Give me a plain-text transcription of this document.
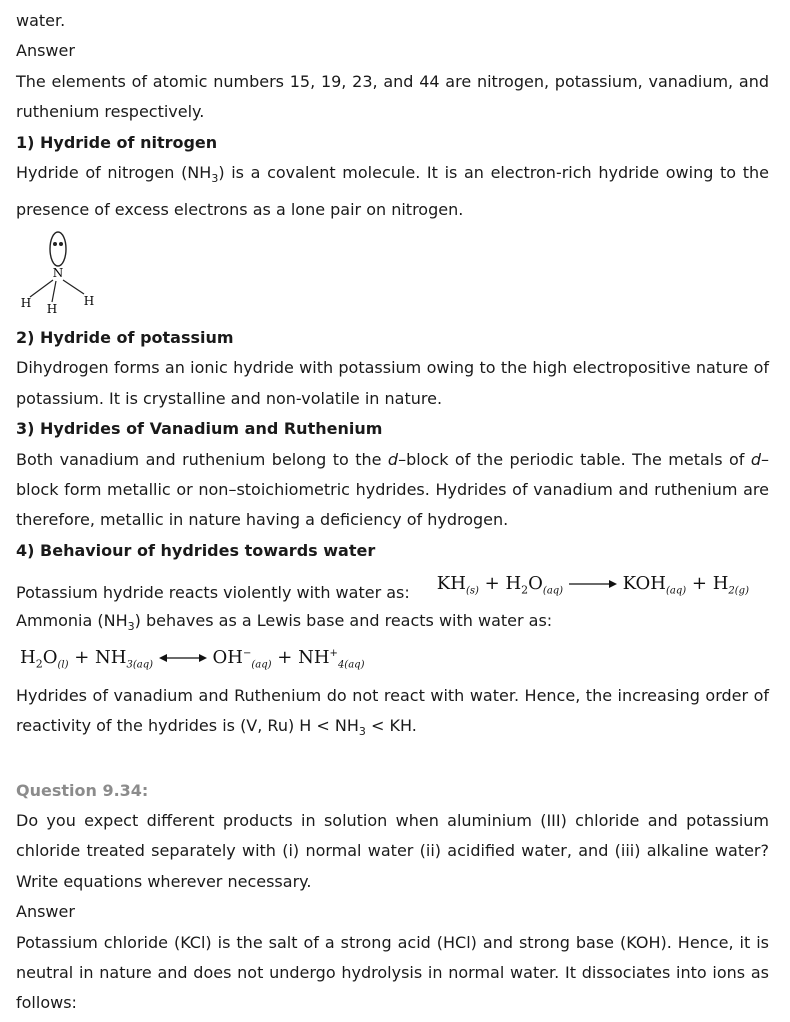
water.
Answer

The elements of atomic numbers 15, 19, 23, and 44 are nitrogen, potassium, vanadium, and ruthenium respectively.

1) Hydride of nitrogen

Hydride of nitrogen $(NH_3)$ is a covalent molecule. It is an electron-rich hydride owing to the presence of excess electrons as a lone pair on nitrogen.

N
H H
H
2) Hydride of potassium

Dihydrogen forms an ionic hydride with potassium owing to the high electropositive nature of potassium. It is crystalline and non-volatile in nature.

3) Hydrides of Vanadium and Ruthenium

Both vanadium and ruthenium belong to the d–block of the periodic table. The metals of d–block form metallic or non–stoichiometric hydrides. Hydrides of vanadium and ruthenium are therefore, metallic in nature having a deficiency of hydrogen.

4) Behaviour of hydrides towards water
Potassium hydride reacts violently with water as: $KH_{(s)} + H_2O_{(aq)}$	$KOH_{(aq)} + H_{2(g)}$

Ammonia $(NH_3)$ behaves as a Lewis base and reacts with water as:

$H_2O_{(l)} + NH_{3(aq)}$	$OH^-_{(aq)} + NH^+_{4(aq)}$

Hydrides of vanadium and Ruthenium do not react with water. Hence, the increasing order of reactivity of the hydrides is (V, Ru) $H < NH_3$ < KH.

Question 9.34:

Do you expect different products in solution when aluminium (III) chloride and potassium chloride treated separately with (i) normal water (ii) acidified water, and (iii) alkaline water? Write equations wherever necessary.

Answer

Potassium chloride (KCl) is the salt of a strong acid (HCl) and strong base (KOH). Hence, it is neutral in nature and does not undergo hydrolysis in normal water. It dissociates into ions as follows:
